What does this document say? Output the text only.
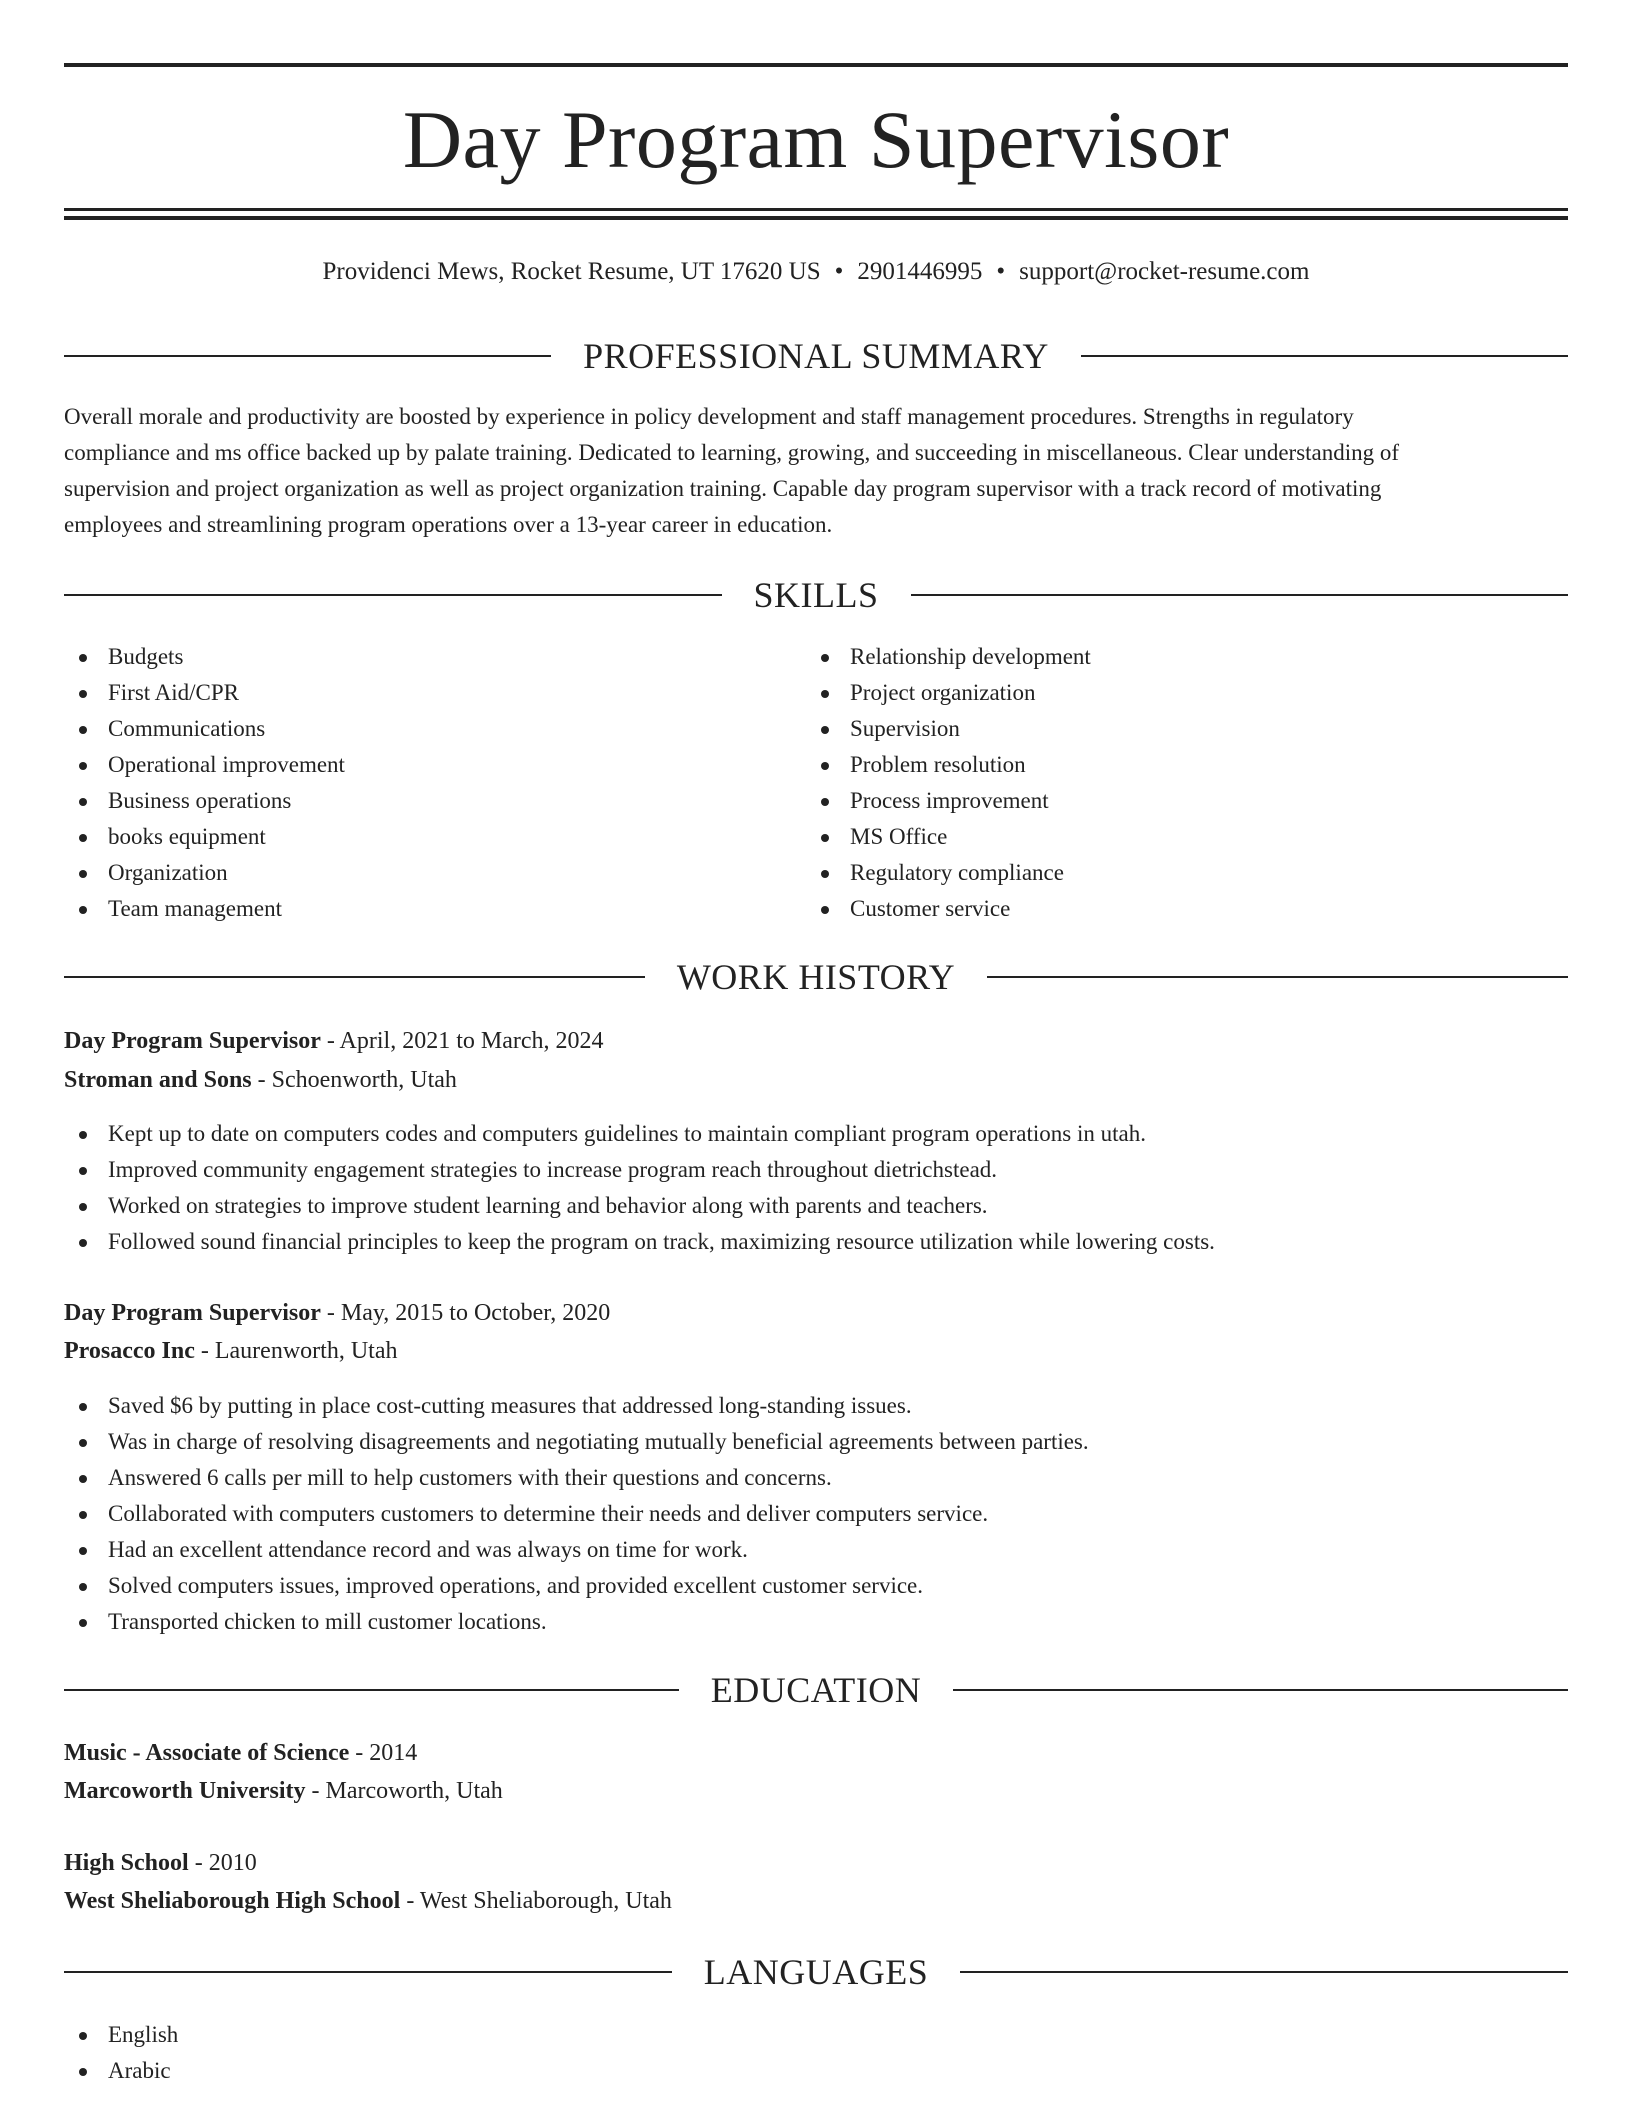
Day Program Supervisor
Providenci Mews, Rocket Resume, UT 17620 US • 2901446995 • support@rocket-resume.com
PROFESSIONAL SUMMARY
Overall morale and productivity are boosted by experience in policy development and staff management procedures. Strengths in regulatory
compliance and ms office backed up by palate training. Dedicated to learning, growing, and succeeding in miscellaneous. Clear understanding of
supervision and project organization as well as project organization training. Capable day program supervisor with a track record of motivating
employees and streamlining program operations over a 13-year career in education.
SKILLS
Budgets
First Aid/CPR
Communications
Operational improvement
Business operations
books equipment
Organization
Team management
Relationship development
Project organization
Supervision
Problem resolution
Process improvement
MS Office
Regulatory compliance
Customer service
WORK HISTORY
Day Program Supervisor - April, 2021 to March, 2024
Stroman and Sons - Schoenworth, Utah
Kept up to date on computers codes and computers guidelines to maintain compliant program operations in utah.
Improved community engagement strategies to increase program reach throughout dietrichstead.
Worked on strategies to improve student learning and behavior along with parents and teachers.
Followed sound financial principles to keep the program on track, maximizing resource utilization while lowering costs.
Day Program Supervisor - May, 2015 to October, 2020
Prosacco Inc - Laurenworth, Utah
Saved $6 by putting in place cost-cutting measures that addressed long-standing issues.
Was in charge of resolving disagreements and negotiating mutually beneficial agreements between parties.
Answered 6 calls per mill to help customers with their questions and concerns.
Collaborated with computers customers to determine their needs and deliver computers service.
Had an excellent attendance record and was always on time for work.
Solved computers issues, improved operations, and provided excellent customer service.
Transported chicken to mill customer locations.
EDUCATION
Music - Associate of Science - 2014
Marcoworth University - Marcoworth, Utah
High School - 2010
West Sheliaborough High School - West Sheliaborough, Utah
LANGUAGES
English
Arabic
